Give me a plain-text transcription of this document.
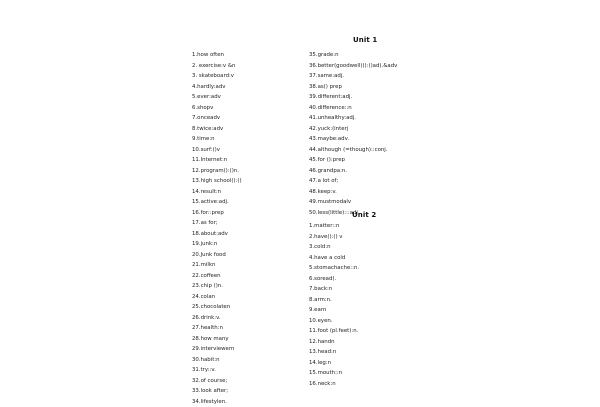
Unit 1
Unit 2
1.how often
2. exercise:v &n
3. skateboard:v
4.hardly:adv
5.ever:adv
6.shopv
7.onceadv
8.twice:adv
9.time:n
10.surf:()v
11.Internet:n
12.program():()n.
13.high school():()
14.result:n
15.active:adj.
16.for::prep
17.as for;
18.about:adv
19.junk:n
20.Junk food
21.milkn
22.coffeen
23.chip ()n.
24.colan
25.chocolaten
26.drink:v.
27.health:n
28.how many
29.interviewern
30.habit:n
31.try::v.
32.of course;
33.look after;
34.lifestylen.
35.grade:n
36.better(goodwell)():()ad).&adv
37.same:adj.
38.as() prep
39.different:adj.
40.difference::n
41.unhealthy:adj.
42.yuck:(interj
43.maybe:adv.
44.although (=though)::conj.
45.for ():prep
46.grandpa:n.
47.a lot of;
48.keep:v.
49.mustmodalv
50.less(little):::adj.
1.matter::n
2.have():() v
3.cold:n
4.have a cold
5.stomachache::n.
6.soread).
7.back:n
8.arm:n.
9.earn
10.eyen.
11.foot (pl.feet):n.
12.handn
13.head:n
14.leg:n
15.mouth::n
16.neck:n
